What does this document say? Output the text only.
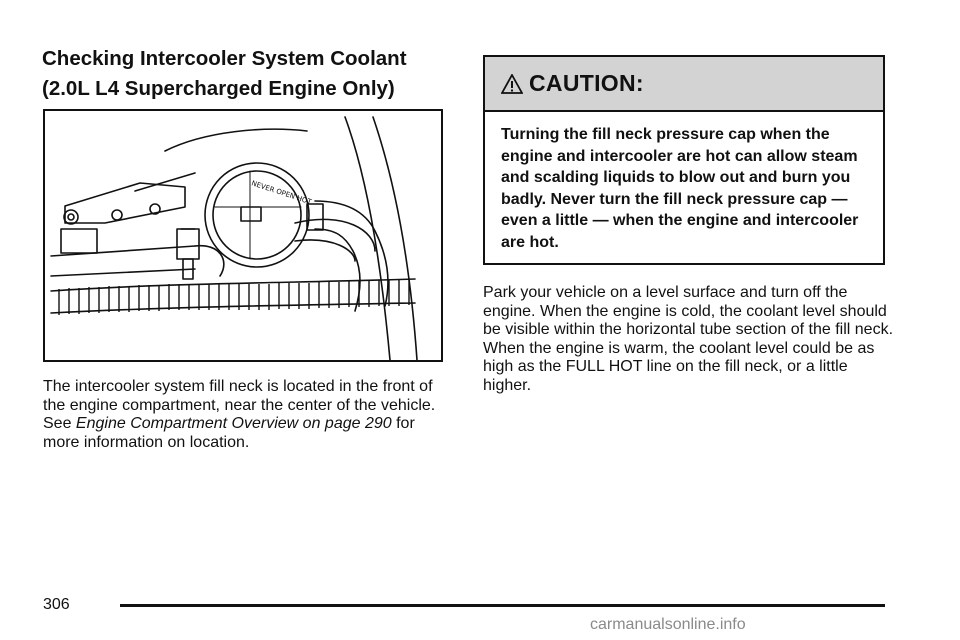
Checking Intercooler System Coolant
(2.0L L4 Supercharged Engine Only)
NEVER OPEN HOT

The intercooler system fill neck is located in the front of the engine compartment, near the center of the vehicle. See Engine Compartment Overview on page 290 for more information on location.

CAUTION:
Turning the fill neck pressure cap when the engine and intercooler are hot can allow steam and scalding liquids to blow out and burn you badly. Never turn the fill neck pressure cap — even a little — when the engine and intercooler are hot.

Park your vehicle on a level surface and turn off the engine. When the engine is cold, the coolant level should be visible within the horizontal tube section of the fill neck. When the engine is warm, the coolant level could be as high as the FULL HOT line on the fill neck, or a little higher.

306
carmanualsonline.info
